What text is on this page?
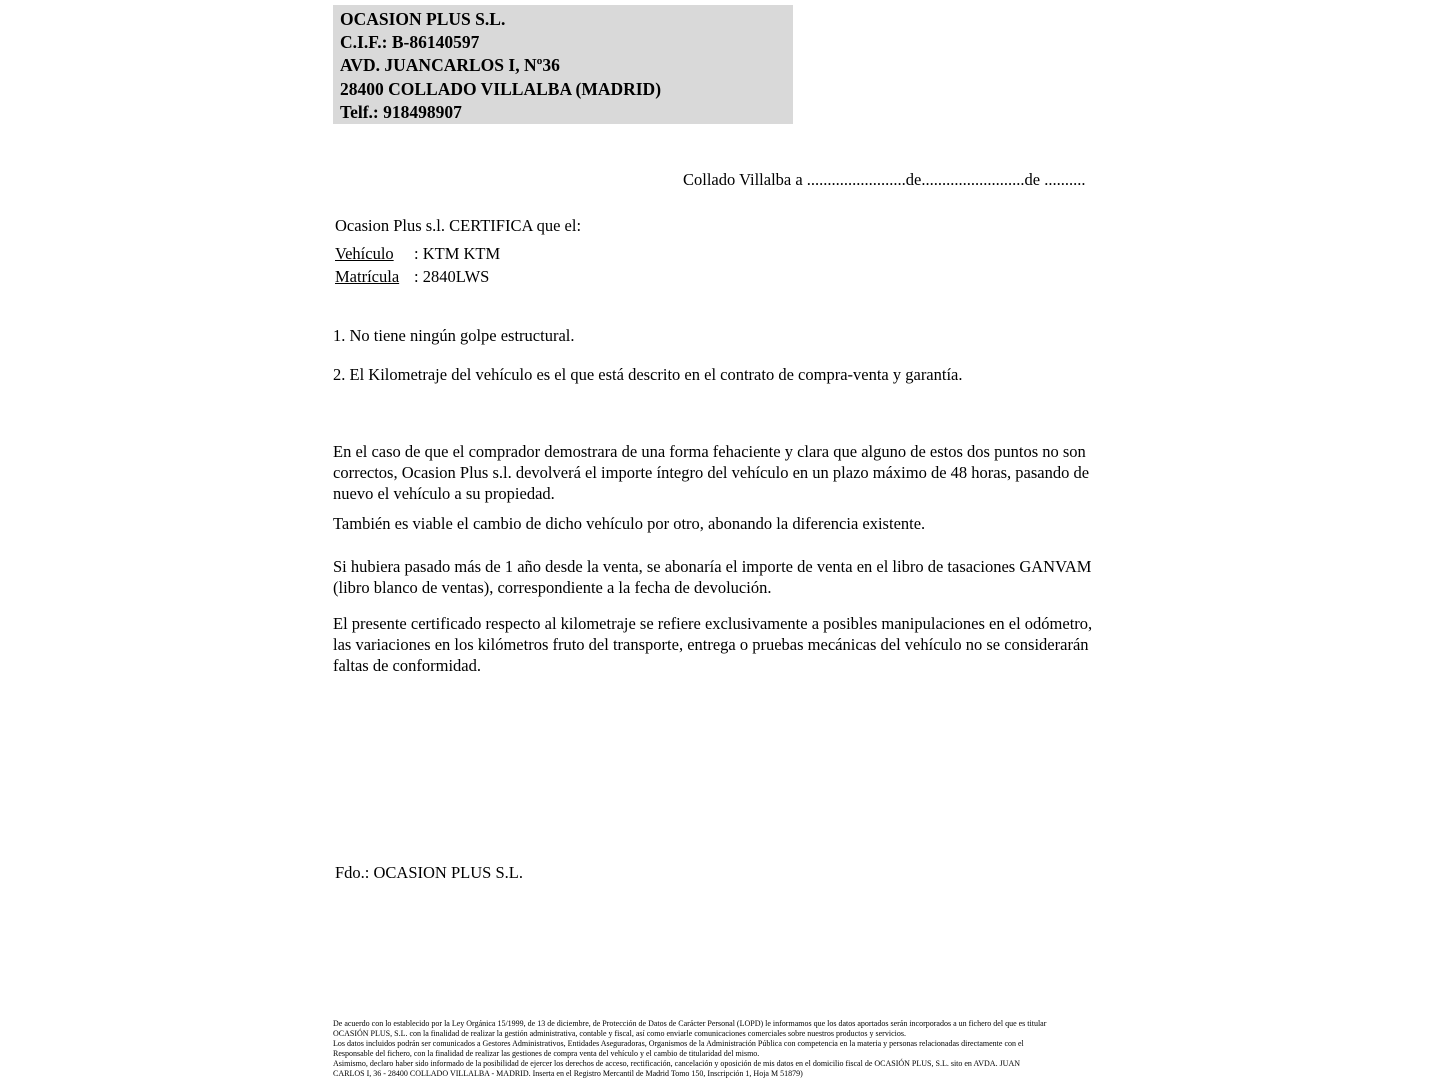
OCASION PLUS S.L.
C.I.F.: B-86140597
AVD. JUANCARLOS I, Nº36
28400 COLLADO VILLALBA (MADRID)
Telf.: 918498907
Collado Villalba a ........................de.........................de ..........
Ocasion Plus s.l. CERTIFICA que el:
Vehículo : KTM KTM
Matrícula : 2840LWS
1. No tiene ningún golpe estructural.
2. El Kilometraje del vehículo es el que está descrito en el contrato de compra-venta y garantía.
En el caso de que el comprador demostrara de una forma fehaciente y clara que alguno de estos dos puntos no son correctos, Ocasion Plus s.l. devolverá el importe íntegro del vehículo en un plazo máximo de 48 horas, pasando de nuevo el vehículo a su propiedad.
También es viable el cambio de dicho vehículo por otro, abonando la diferencia existente.
Si hubiera pasado más de 1 año desde la venta, se abonaría el importe de venta en el libro de tasaciones GANVAM (libro blanco de ventas), correspondiente a la fecha de devolución.
El presente certificado respecto al kilometraje se refiere exclusivamente a posibles manipulaciones en el odómetro, las variaciones en los kilómetros fruto del transporte, entrega o pruebas mecánicas del vehículo no se considerarán faltas de conformidad.
Fdo.: OCASION PLUS S.L.
De acuerdo con lo establecido por la Ley Orgánica 15/1999, de 13 de diciembre, de Protección de Datos de Carácter Personal (LOPD) le informamos que los datos aportados serán incorporados a un fichero del que es titular
OCASIÓN PLUS, S.L. con la finalidad de realizar la gestión administrativa, contable y fiscal, así como enviarle comunicaciones comerciales sobre nuestros productos y servicios.
Los datos incluidos podrán ser comunicados a Gestores Administrativos, Entidades Aseguradoras, Organismos de la Administración Pública con competencia en la materia y personas relacionadas directamente con el
Responsable del fichero, con la finalidad de realizar las gestiones de compra venta del vehículo y el cambio de titularidad del mismo.
Asimismo, declaro haber sido informado de la posibilidad de ejercer los derechos de acceso, rectificación, cancelación y oposición de mis datos en el domicilio fiscal de OCASIÓN PLUS, S.L. sito en AVDA. JUAN
CARLOS I, 36 - 28400 COLLADO VILLALBA - MADRID. Inserta en el Registro Mercantil de Madrid Tomo 150, Inscripción 1, Hoja M 51879)
